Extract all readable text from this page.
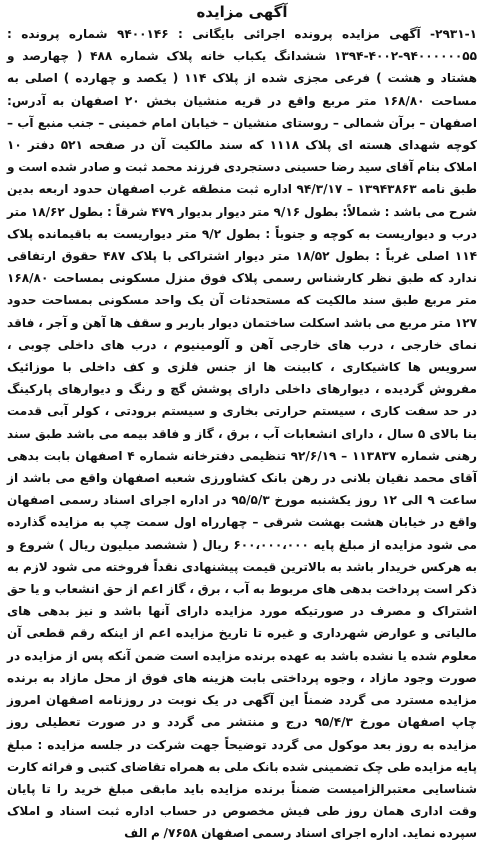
آگهی مزایده
۲۹۳۱-۱- آگهی مزایده پرونده اجرائی بایگانی : ۹۴۰۰۱۴۶ شماره پرونده : ۹۴۰۰۰۰۰۰۵۵-۴۰۰۲-۱۳۹۴ ششدانگ یکباب خانه پلاک شماره ۴۸۸ ( چهارصد و هشتاد و هشت ) فرعی مجزی شده از پلاک ۱۱۴ ( یکصد و چهارده ) اصلی به مساحت ۱۶۸/۸۰ متر مربع واقع در قریه منشیان بخش ۲۰ اصفهان به آدرس: اصفهان – برآن شمالی – روستای منشیان – خیابان امام خمینی – جنب منبع آب – کوچه شهدای هسته ای پلاک ۱۱۱۸ که سند مالکیت آن در صفحه ۵۲۱ دفتر ۱۰ املاک بنام آقای سید رضا حسینی دستجردی فرزند محمد ثبت و صادر شده است و طبق نامه ۱۳۹۴۳۸۶۳ – ۹۴/۳/۱۷ اداره ثبت منطقه غرب اصفهان حدود اربعه بدین شرح می باشد : شمالاً: بطول ۹/۱۶ متر دیوار بدیوار ۴۷۹ شرقاً : بطول ۱۸/۶۲ متر درب و دیواریست به کوچه و جنوباً : بطول ۹/۲ متر دیواریست به باقیمانده پلاک ۱۱۴ اصلی غرباً : بطول ۱۸/۵۲ متر دیوار اشتراکی با پلاک ۴۸۷ حقوق ارتفاقی ندارد که طبق نظر کارشناس رسمی پلاک فوق منزل مسکونی بمساحت ۱۶۸/۸۰ متر مربع طبق سند مالکیت که مستحدثات آن یک واحد مسکونی بمساحت حدود ۱۲۷ متر مربع می باشد اسکلت ساختمان دیوار باربر و سقف ها آهن و آجر ، فاقد نمای خارجی ، درب های خارجی آهن و آلومینیوم ، درب های داخلی چوبی ، سرویس ها کاشیکاری ، کابینت ها از جنس فلزی و کف داخلی با موزائیک مفروش گردیده ، دیوارهای داخلی دارای پوشش گچ و رنگ و دیوارهای پارکینگ در حد سفت کاری ، سیستم حرارتی بخاری و سیستم برودتی ، کولر آبی قدمت بنا بالای ۵ سال ، دارای انشعابات آب ، برق ، گاز و فاقد بیمه می باشد طبق سند رهنی شماره ۱۱۳۸۳۷ – ۹۲/۶/۱۹ تنظیمی دفترخانه شماره ۴ اصفهان بابت بدهی آقای محمد نقیان بلانی در رهن بانک کشاورزی شعبه اصفهان واقع می باشد از ساعت ۹ الی ۱۲ روز یکشنبه مورخ ۹۵/۵/۳ در اداره اجرای اسناد رسمی اصفهان واقع در خیابان هشت بهشت شرقی – چهارراه اول سمت چپ به مزایده گذارده می شود مزایده از مبلغ پایه ۶۰۰،۰۰۰،۰۰۰ ریال ( ششصد میلیون ریال ) شروع و به هرکس خریدار باشد به بالاترین قیمت پیشنهادی نقداً فروخته می شود لازم به ذکر است پرداخت بدهی های مربوط به آب ، برق ، گاز اعم از حق انشعاب و یا حق اشتراک و مصرف در صورتیکه مورد مزایده دارای آنها باشد و نیز بدهی های مالیاتی و عوارض شهرداری و غیره تا تاریخ مزایده اعم از اینکه رقم قطعی آن معلوم شده یا نشده باشد به عهده برنده مزایده است ضمن آنکه پس از مزایده در صورت وجود مازاد ، وجوه پرداختی بابت هزینه های فوق از محل مازاد به برنده مزایده مسترد می گردد ضمناً این آگهی در یک نوبت در روزنامه اصفهان امروز چاپ اصفهان مورخ ۹۵/۴/۳ درج و منتشر می گردد و در صورت تعطیلی روز مزایده به روز بعد موکول می گردد توضیحاً جهت شرکت در جلسه مزایده : مبلغ پایه مزایده طی چک تضمینی شده بانک ملی به همراه تقاضای کتبی و فرائه کارت شناسایی معتبرالزامیست ضمناً برنده مزایده باید مابقی مبلغ خرید را تا پایان وقت اداری همان روز طی فیش مخصوص در حساب اداره ثبت اسناد و املاک سپرده نماید. اداره اجرای اسناد رسمی اصفهان ۷۶۵۸/ م الف
